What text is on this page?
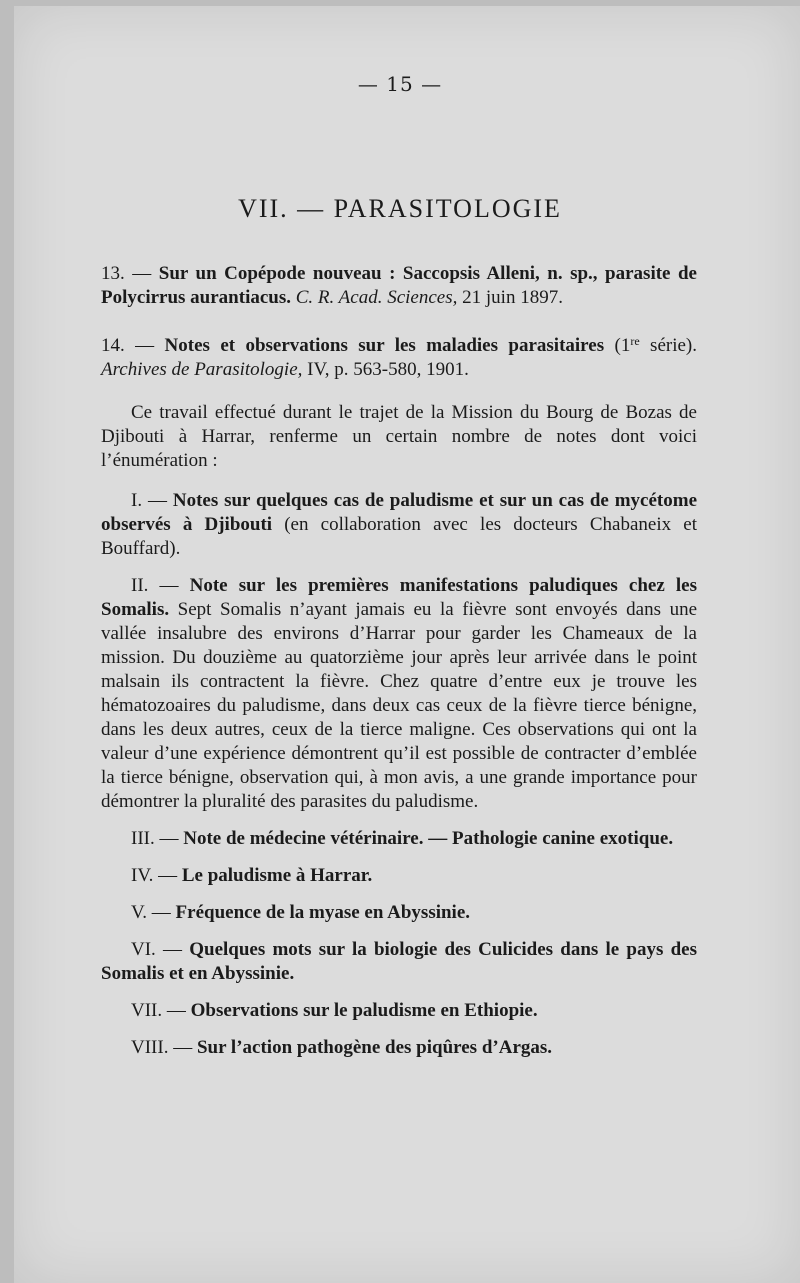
— 15 —
VII. — PARASITOLOGIE

13. — Sur un Copépode nouveau : Saccopsis Alleni, n. sp., parasite de Polycirrus aurantiacus. C. R. Acad. Sciences, 21 juin 1897.

14. — Notes et observations sur les maladies parasitaires (1re série). Archives de Parasitologie, IV, p. 563-580, 1901.

Ce travail effectué durant le trajet de la Mission du Bourg de Bozas de Djibouti à Harrar, renferme un certain nombre de notes dont voici l’énumération :

I. — Notes sur quelques cas de paludisme et sur un cas de mycétome observés à Djibouti (en collaboration avec les docteurs Chabaneix et Bouffard).

II. — Note sur les premières manifestations paludiques chez les Somalis. Sept Somalis n’ayant jamais eu la fièvre sont envoyés dans une vallée insalubre des environs d’Harrar pour garder les Chameaux de la mission. Du douzième au quatorzième jour après leur arrivée dans le point malsain ils contractent la fièvre. Chez quatre d’entre eux je trouve les hématozoaires du paludisme, dans deux cas ceux de la fièvre tierce bénigne, dans les deux autres, ceux de la tierce maligne. Ces observations qui ont la valeur d’une expérience démontrent qu’il est possible de contracter d’emblée la tierce bénigne, observation qui, à mon avis, a une grande importance pour démontrer la pluralité des parasites du paludisme.

III. — Note de médecine vétérinaire. — Pathologie canine exotique.

IV. — Le paludisme à Harrar.

V. — Fréquence de la myase en Abyssinie.

VI. — Quelques mots sur la biologie des Culicides dans le pays des Somalis et en Abyssinie.

VII. — Observations sur le paludisme en Ethiopie.

VIII. — Sur l’action pathogène des piqûres d’Argas.
